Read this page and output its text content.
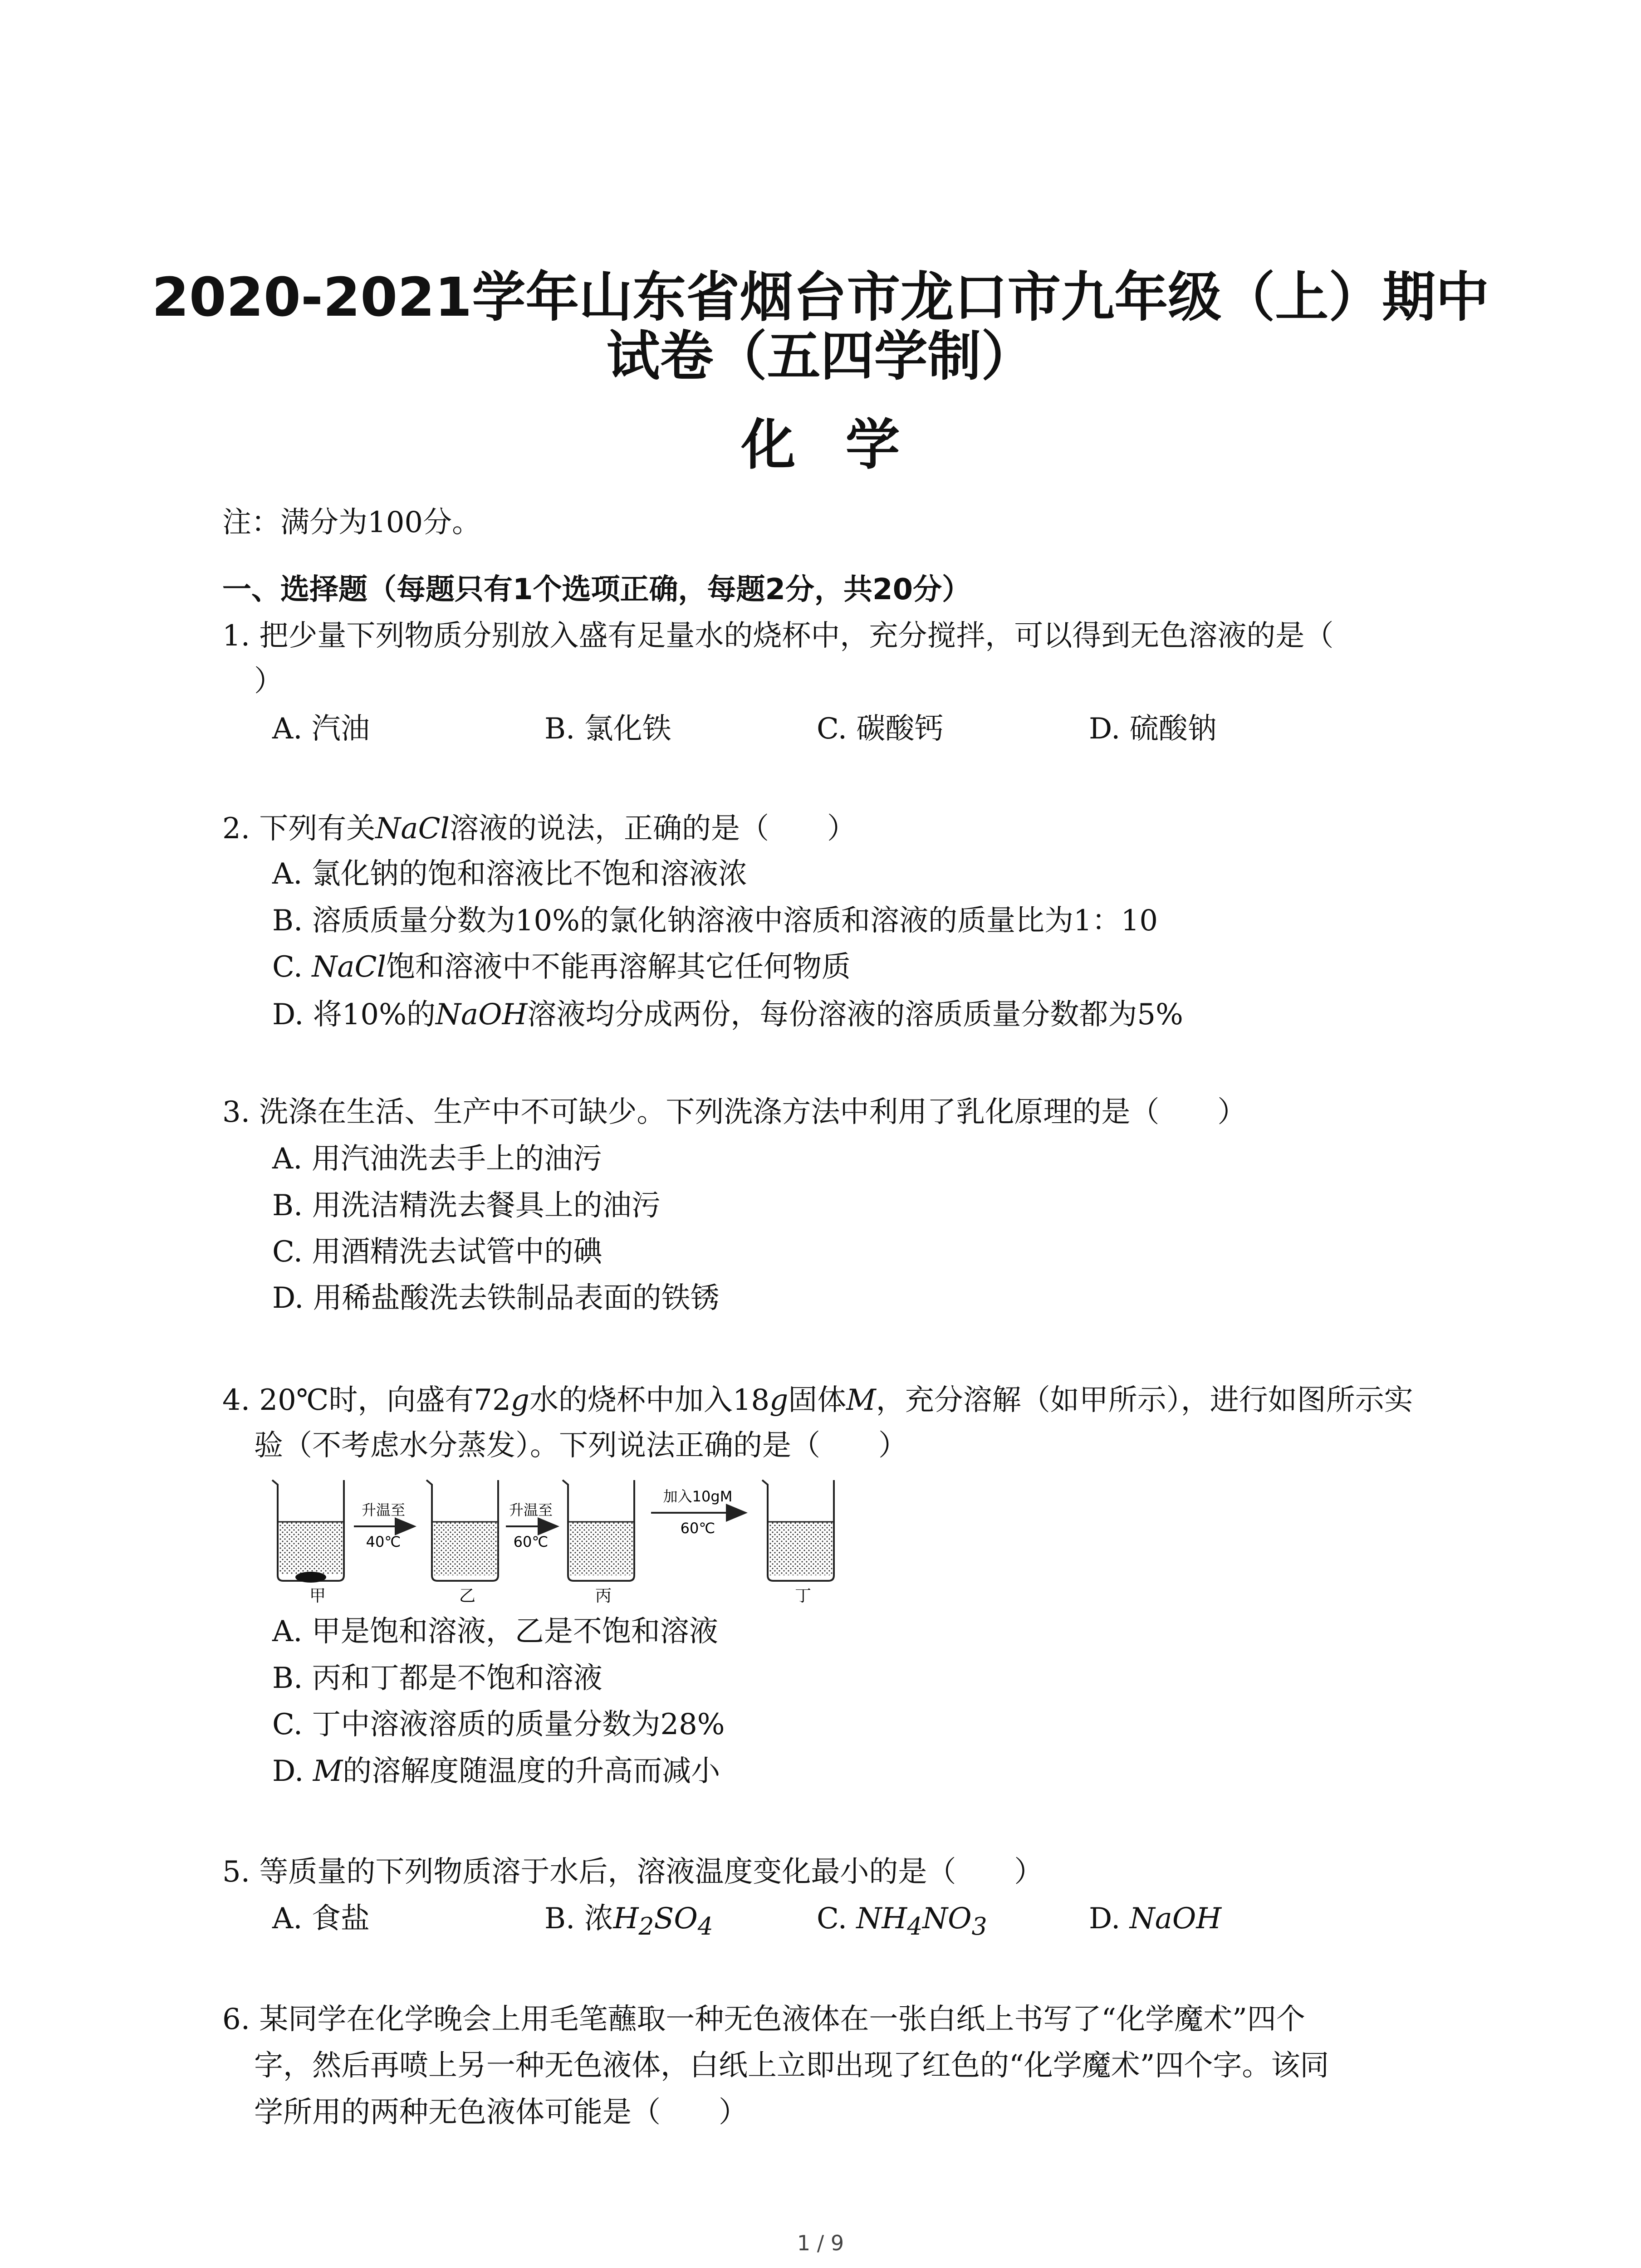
2020-2021学年山东省烟台市龙口市九年级（上）期中
试卷（五四学制）
化学
注：满分为100分。
一、选择题（每题只有1个选项正确，每题2分，共20分）
1. 把少量下列物质分别放入盛有足量水的烧杯中，充分搅拌，可以得到无色溶液的是（
）
A. 汽油	B. 氯化铁	C. 碳酸钙	D. 硫酸钠
2. 下列有关NaCl溶液的说法，正确的是（　　）
A. 氯化钠的饱和溶液比不饱和溶液浓
B. 溶质质量分数为10%的氯化钠溶液中溶质和溶液的质量比为1：10
C. NaCl饱和溶液中不能再溶解其它任何物质
D. 将10%的NaOH溶液均分成两份，每份溶液的溶质质量分数都为5%
3. 洗涤在生活、生产中不可缺少。下列洗涤方法中利用了乳化原理的是（　　）
A. 用汽油洗去手上的油污
B. 用洗洁精洗去餐具上的油污
C. 用酒精洗去试管中的碘
D. 用稀盐酸洗去铁制品表面的铁锈
4. 20℃时，向盛有72g水的烧杯中加入18g固体M，充分溶解（如甲所示），进行如图所示实
验（不考虑水分蒸发）。下列说法正确的是（　　）
升温至
40℃
升温至
60℃
加入10gM
60℃
甲	乙	丙	丁
A. 甲是饱和溶液，乙是不饱和溶液
B. 丙和丁都是不饱和溶液
C. 丁中溶液溶质的质量分数为28%
D. M的溶解度随温度的升高而减小
5. 等质量的下列物质溶于水后，溶液温度变化最小的是（　　）
A. 食盐	B. 浓$H_2SO_4$	C. $NH_4NO_3$	D. NaOH
6. 某同学在化学晚会上用毛笔蘸取一种无色液体在一张白纸上书写了“化学魔术”四个
字，然后再喷上另一种无色液体，白纸上立即出现了红色的“化学魔术”四个字。该同
学所用的两种无色液体可能是（　　）
1 / 9
